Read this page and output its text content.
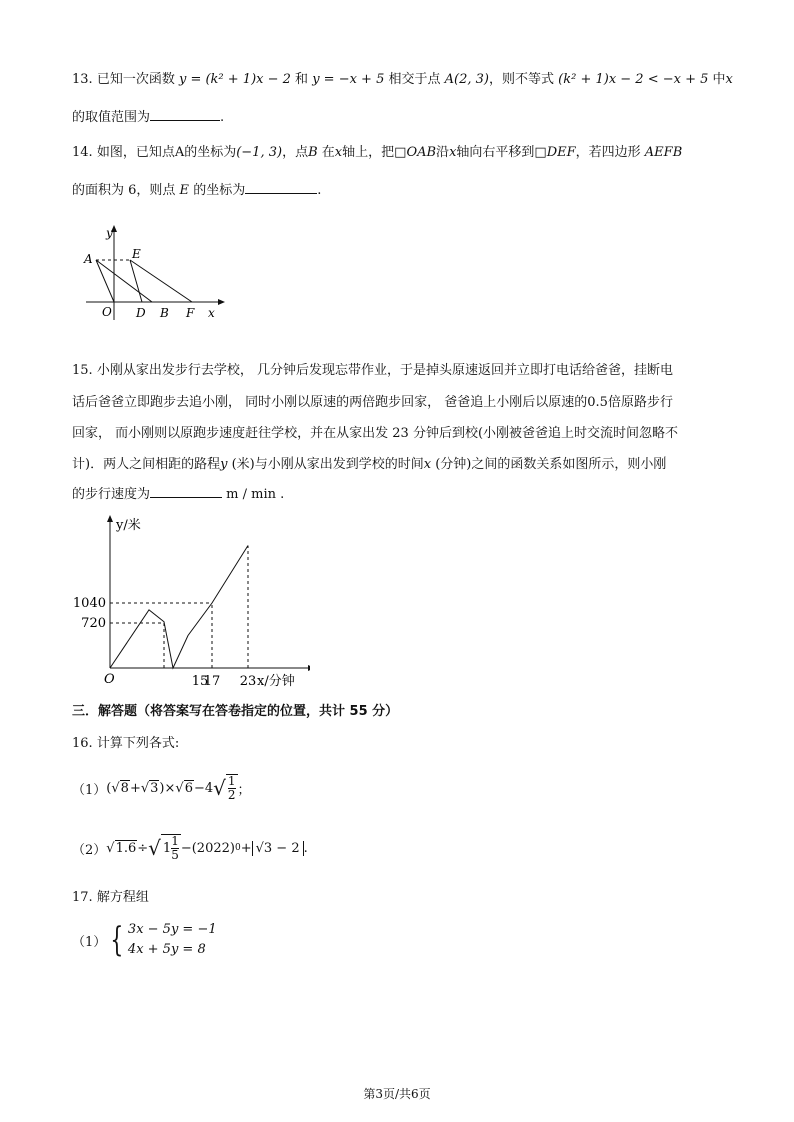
13. 已知一次函数 y = (k² + 1)x − 2 和 y = −x + 5 相交于点 A(2, 3)，则不等式 (k² + 1)x − 2 < −x + 5 中x
的取值范围为	.
14. 如图，已知点A的坐标为(−1, 3)，点B 在x轴上，把□OAB沿x轴向右平移到□DEF，若四边形 AEFB
的面积为 6，则点 E 的坐标为	.
y
A	E
O D B F x
15. 小刚从家出发步行去学校， 几分钟后发现忘带作业，于是掉头原速返回并立即打电话给爸爸，挂断电
话后爸爸立即跑步去追小刚， 同时小刚以原速的两倍跑步回家， 爸爸追上小刚后以原速的0.5倍原路步行
回家， 而小刚则以原跑步速度赶往学校，并在从家出发 23 分钟后到校(小刚被爸爸追上时交流时间忽略不
计)．两人之间相距的路程y (米)与小刚从家出发到学校的时间x (分钟)之间的函数关系如图所示，则小刚
的步行速度为	m / min .
15
17 23
720
1040
y/米
x/分钟
O
三．解答题（将答案写在答卷指定的位置，共计 55 分）
16. 计算下列各式:
（1） ( √ 8 + √ 3 )× √ 6 −4 √ 1
2 ；
（2） √ 1.6 ÷ √ 1 1
5 −(2022) 0 + √3 − 2 .
17. 解方程组
（1） { 3x − 5y = −1
4x + 5y = 8
第3页/共6页
